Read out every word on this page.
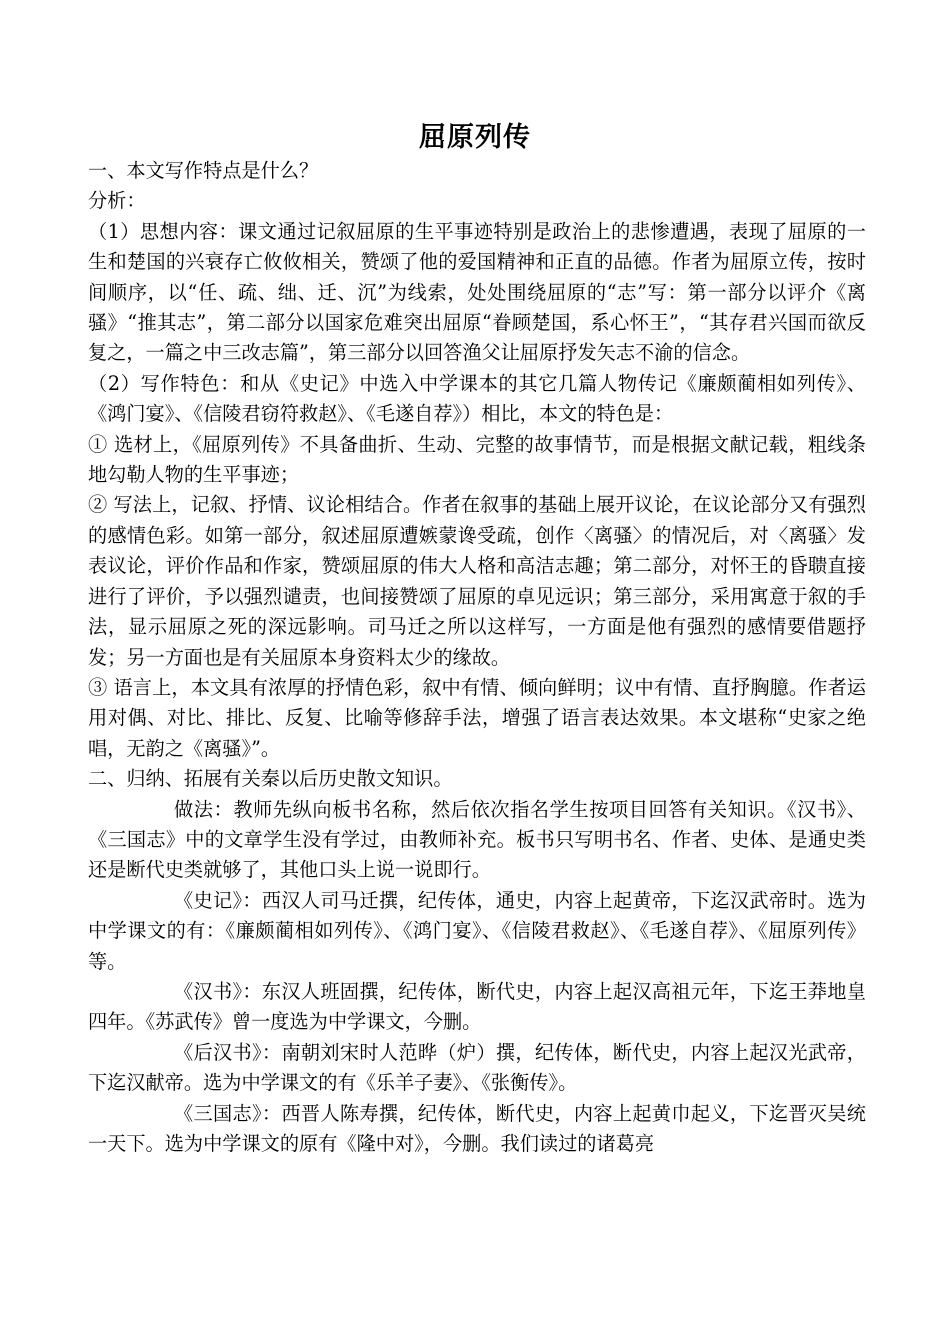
屈原列传

一、本文写作特点是什么？

分析：

（1）思想内容：课文通过记叙屈原的生平事迹特别是政治上的悲惨遭遇，表现了屈原的一生和楚国的兴衰存亡攸攸相关，赞颂了他的爱国精神和正直的品德。作者为屈原立传，按时间顺序，以“任、疏、绌、迁、沉”为线索，处处围绕屈原的“志”写：第一部分以评介《离骚》“推其志”，第二部分以国家危难突出屈原“眷顾楚国，系心怀王”，“其存君兴国而欲反复之，一篇之中三改志篇”，第三部分以回答渔父让屈原抒发矢志不渝的信念。

（2）写作特色：和从《史记》中选入中学课本的其它几篇人物传记《廉颇蔺相如列传》、《鸿门宴》、《信陵君窃符救赵》、《毛遂自荐》）相比，本文的特色是：

① 选材上，《屈原列传》不具备曲折、生动、完整的故事情节，而是根据文献记载，粗线条地勾勒人物的生平事迹；

② 写法上，记叙、抒情、议论相结合。作者在叙事的基础上展开议论，在议论部分又有强烈的感情色彩。如第一部分，叙述屈原遭嫉蒙谗受疏，创作〈离骚〉的情况后，对〈离骚〉发表议论，评价作品和作家，赞颂屈原的伟大人格和高洁志趣；第二部分，对怀王的昏聩直接进行了评价，予以强烈谴责，也间接赞颂了屈原的卓见远识；第三部分，采用寓意于叙的手法，显示屈原之死的深远影响。司马迁之所以这样写，一方面是他有强烈的感情要借题抒发；另一方面也是有关屈原本身资料太少的缘故。

③ 语言上，本文具有浓厚的抒情色彩，叙中有情、倾向鲜明；议中有情、直抒胸臆。作者运用对偶、对比、排比、反复、比喻等修辞手法，增强了语言表达效果。本文堪称“史家之绝唱，无韵之《离骚》”。

二、归纳、拓展有关秦以后历史散文知识。

做法：教师先纵向板书名称，然后依次指名学生按项目回答有关知识。《汉书》、《三国志》中的文章学生没有学过，由教师补充。板书只写明书名、作者、史体、是通史类还是断代史类就够了，其他口头上说一说即行。

《史记》：西汉人司马迁撰，纪传体，通史，内容上起黄帝，下迄汉武帝时。选为中学课文的有：《廉颇蔺相如列传》、《鸿门宴》、《信陵君救赵》、《毛遂自荐》、《屈原列传》等。

《汉书》：东汉人班固撰，纪传体，断代史，内容上起汉高祖元年，下迄王莽地皇四年。《苏武传》曾一度选为中学课文，今删。

《后汉书》：南朝刘宋时人范晔（炉）撰，纪传体，断代史，内容上起汉光武帝，下迄汉献帝。选为中学课文的有《乐羊子妻》、《张衡传》。

《三国志》：西晋人陈寿撰，纪传体，断代史，内容上起黄巾起义，下迄晋灭吴统一天下。选为中学课文的原有《隆中对》，今删。我们读过的诸葛亮
